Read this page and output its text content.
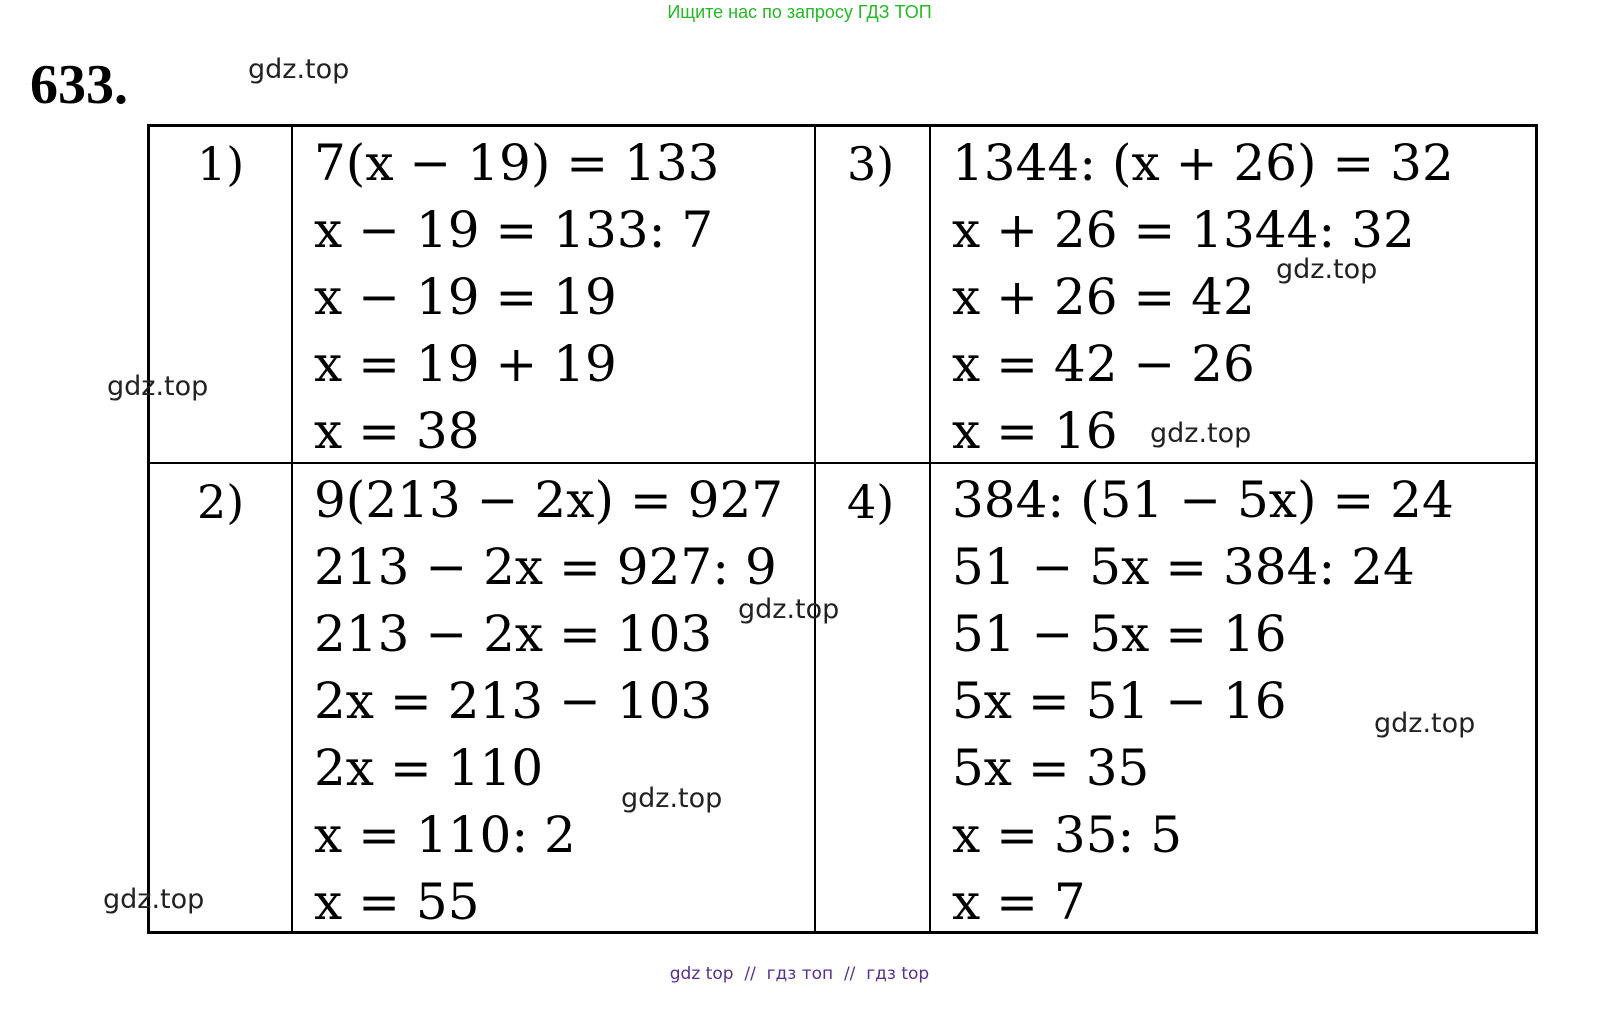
Ищите нас по запросу ГДЗ ТОП
633.
1)
2)
3)
4)
7(x − 19) = 133
x − 19 = 133: 7
x − 19 = 19
x = 19 + 19
x = 38
9(213 − 2x) = 927
213 − 2x = 927: 9
213 − 2x = 103
2x = 213 − 103
2x = 110
x = 110: 2
x = 55
1344: (x + 26) = 32
x + 26 = 1344: 32
x + 26 = 42
x = 42 − 26
x = 16
384: (51 − 5x) = 24
51 − 5x = 384: 24
51 − 5x = 16
5x = 51 − 16
5x = 35
x = 35: 5
x = 7
gdz.top
gdz.top
gdz.top
gdz.top
gdz.top
gdz.top
gdz.top
gdz.top
gdz top  //  гдз топ  //  гдз top
